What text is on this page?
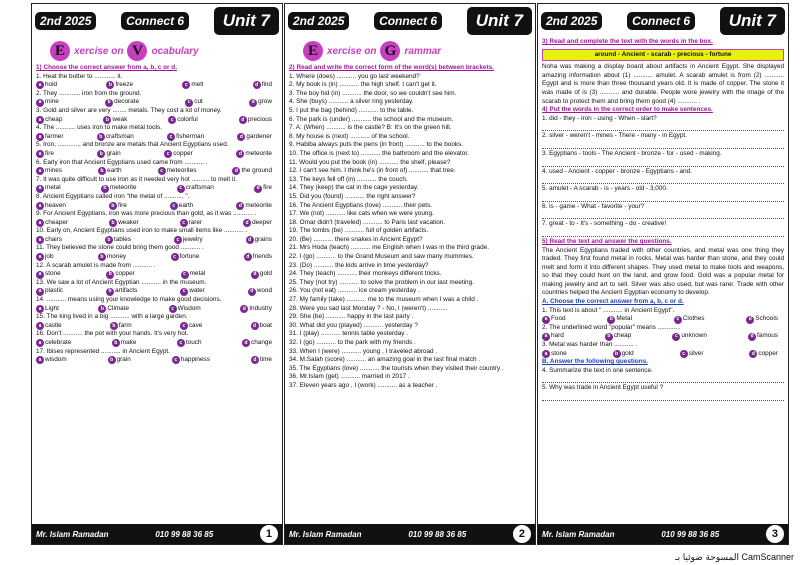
2nd 2025	Connect 6	Unit 7
E xercise on V ocabulary
1) Choose the correct answer from a, b, c or d.
1. Heat the butter to ............ it.
a hold	b freeze	c melt	d find
2. They ............ iron from the ground.
a mine	b decorate	c cut	d grow
3. Gold and silver are very ........ metals. They cost a lot of money.
a cheap	b weak	c colorful	d precious
4. The ........... uses iron to make metal tools.
a farmer	b craftsman	c fisherman	d gardener
5. Iron, ............, and bronze are metals that Ancient Egyptians used.
a fire	b grain	c copper	d meteorite
6. Early iron that Ancient Egyptians used came from ........... .
a mines	b earth	c meteorites	d the ground
7. It was quite difficult to use iron as it needed very hot .......... to melt it.
a metal	b meteorite	c craftsman	d fire
8. Ancient Egyptians called iron "the metal of ........... ".
a heaven	b fire	c earth	d meteorite
9. For Ancient Egyptians, iron was more precious than gold, as it was ........... .
a cheaper	b weaker	c rarer	d deeper
10. Early on, Ancient Egyptians used iron to make small items like ........... .
a chairs	b tables	c jewelry	d grains
11. They believed the stone could bring them good ........... .
a job	b money	c fortune	d friends
12. A scarab amulet is made from ........... .
a stone	b copper	c metal	d gold
13. We saw a lot of Ancient Egyptian ........... in the museum.
a plastic	b artifacts	c water	d wood
14. ........... means using your knowledge to make good decisions.
a Light	b Climate	c Wisdom	d Industry
15. The king lived in a big ........... with a large garden.
a castle	b farm	c cave	d boat
16. Don't ........... the pot with your hands. It's very hot.
a celebrate	b make	c touch	d change
17. Ibises represented ........... in Ancient Egypt.
a wisdom	b grain	c happiness	d time
Mr. Islam Ramadan	010 99 88 36 85	1
2nd 2025	Connect 6	Unit 7
E xercise on G rammar
2) Read and write the correct form of the word(s) between brackets.
1. Where (does) ........... you go last weekend?
2. My book is (in) ........... the high shelf. I can't get it.
3. The boy hid (in) ........... the door, so we couldn't see him.
4. She (buys) ........... a silver ring yesterday.
5. I put the bag (behind) ........... to the table.
6. The park is (under) ........... the school and the museum.
7. A: (When) ........... is the castle? B: It's on the green hill.
8. My house is (next) ........... of the school.
9. Habiba always puts the pens (in front) ........... to the books.
10. The office is (next to) ........... the bathroom and the elevator.
11. Would you put the book (in) ........... the shelf, please?
12. I can't see him. I think he's (in front of) ........... that tree.
13. The keys fell off (in) ........... the couch.
14. They (keep) the cat in the cage yesterday.
15. Did you (found) ........... the right answer?
16. The Ancient Egyptians (love) ........... their pets.
17. We (not) ........... like cats when we were young.
18. Omar didn't (traveled) ........... to Paris last vacation.
19. The tombs (be) ........... full of golden artifacts.
20. (Be) ........... there snakes in Ancient Egypt?
21. Mrs Hoda (teach) ........... me English when I was in the third grade.
22. I (go) ........... to the Grand Museum and saw many mummies.
23. (Do) ........... the kids arrive in time yesterday?
24. They (teach) ........... their monkeys different tricks.
25. They (not try) ........... to solve the problem in our last meeting.
26. You (not eat) ........... ice cream yesterday .
27. My family (take) ........... me to the museum when I was a child .
28. Were you sad last Monday ? - No, I (weren't) ...........
29. She (be) ........... happy in the last party .
30. What did you (played) ........... yesterday ?
31. I (play) ........... tennis table yesterday .
32. I (go) ........... to the park with my friends .
33. When I (were) ........... young , I traveled abroad .
34. M.Salah (score) ........... an amazing goal in the last final match .
35. The Egyptians (love) ........... the tourists when they visited their country .
36. Mr.Islam (get) ........... married in 2017 .
37. Eleven years ago , I (work) ........... as a teacher .
Mr. Islam Ramadan	010 99 88 36 85	2
2nd 2025	Connect 6	Unit 7
3) Read and complete the text with the words in the box.
around - Ancient - scarab - precious - fortune
Noha was making a display board about artifacts in Ancient Egypt. She displayed amazing information about (1) ........... amulet. A scarab amulet is from (2) ........... Egypt and is more than three thousand years old. It is made of copper. The stone it was made of is (3) ........... and durable. People wore jewelry with the image of the scarab to protect them and bring them good (4) ........... .
4) Put the words in the correct order to make sentences.
1. did - they - iron - using - When - start?
2. silver - weren't - mines - There - many - in Egypt.
3. Egyptians - tools - The Ancient - bronze - for - used - making.
4. used - Ancient - copper - bronze - Egyptians - and.
5. amulet - A scarab - is - years - old - 3,000.
6. is - game - What - favorite - your?
7. great - to - It's - something - do - creative!
5) Read the text and answer the questions.
The Ancient Egyptians traded with other countries, and metal was one thing they traded. They first found metal in rocks. Metal was harder than stone, and they could melt and form it into different shapes. They used metal to make tools and weapons, so that they could hunt on the land, and grow food. Gold was a popular metal for making jewelry and art to sell. Silver was also used, but was rarer. Trade with other countries helped the Ancient Egyptian economy to develop.
A. Choose the correct answer from a, b, c or d.
1. This text is about " ........... in Ancient Egypt".
a Food	b Metal	c Clothes	d Schools
2. The underlined word "popular" means ........... .
a hard	b cheap	c unknown	d famous
3. Metal was harder than ........... .
a stone	b gold	c silver	d copper
B. Answer the following questions.
4. Summarize the text in one sentence.
5. Why was trade in Ancient Egypt useful ?
Mr. Islam Ramadan	010 99 88 36 85	3
المسوحة ضوئيا بـ CamScanner
